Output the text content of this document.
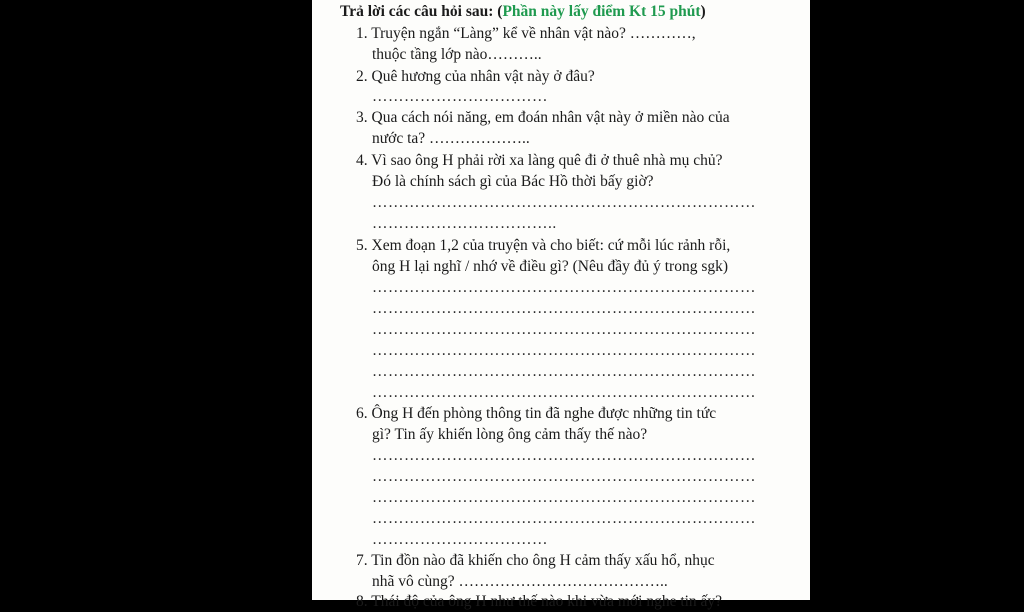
Trả lời các câu hỏi sau: (Phần này lấy điểm Kt 15 phút)
1. Truyện ngắn “Làng” kể về nhân vật nào? …………,
thuộc tầng lớp nào………..
2. Quê hương của nhân vật này ở đâu?
……………………………
3. Qua cách nói năng, em đoán nhân vật này ở miền nào của
nước ta? ………………..
4. Vì sao ông H phải rời xa làng quê đi ở thuê nhà mụ chủ?
Đó là chính sách gì của Bác Hồ thời bấy giờ?
………………………………………………………………
……………………………..
5. Xem đoạn 1,2 của truyện và cho biết: cứ mỗi lúc rảnh rỗi,
ông H lại nghĩ / nhớ về điều gì? (Nêu đầy đủ ý trong sgk)
………………………………………………………………
………………………………………………………………
………………………………………………………………
………………………………………………………………
………………………………………………………………
………………………………………………………………
6. Ông H đến phòng thông tin đã nghe được những tin tức
gì? Tin ấy khiến lòng ông cảm thấy thế nào?
………………………………………………………………
………………………………………………………………
………………………………………………………………
………………………………………………………………
……………………………
7. Tin đồn nào đã khiến cho ông H cảm thấy xấu hổ, nhục
nhã vô cùng? …………………………………..
8. Thái độ của ông H như thế nào khi vừa mới nghe tin ấy?
